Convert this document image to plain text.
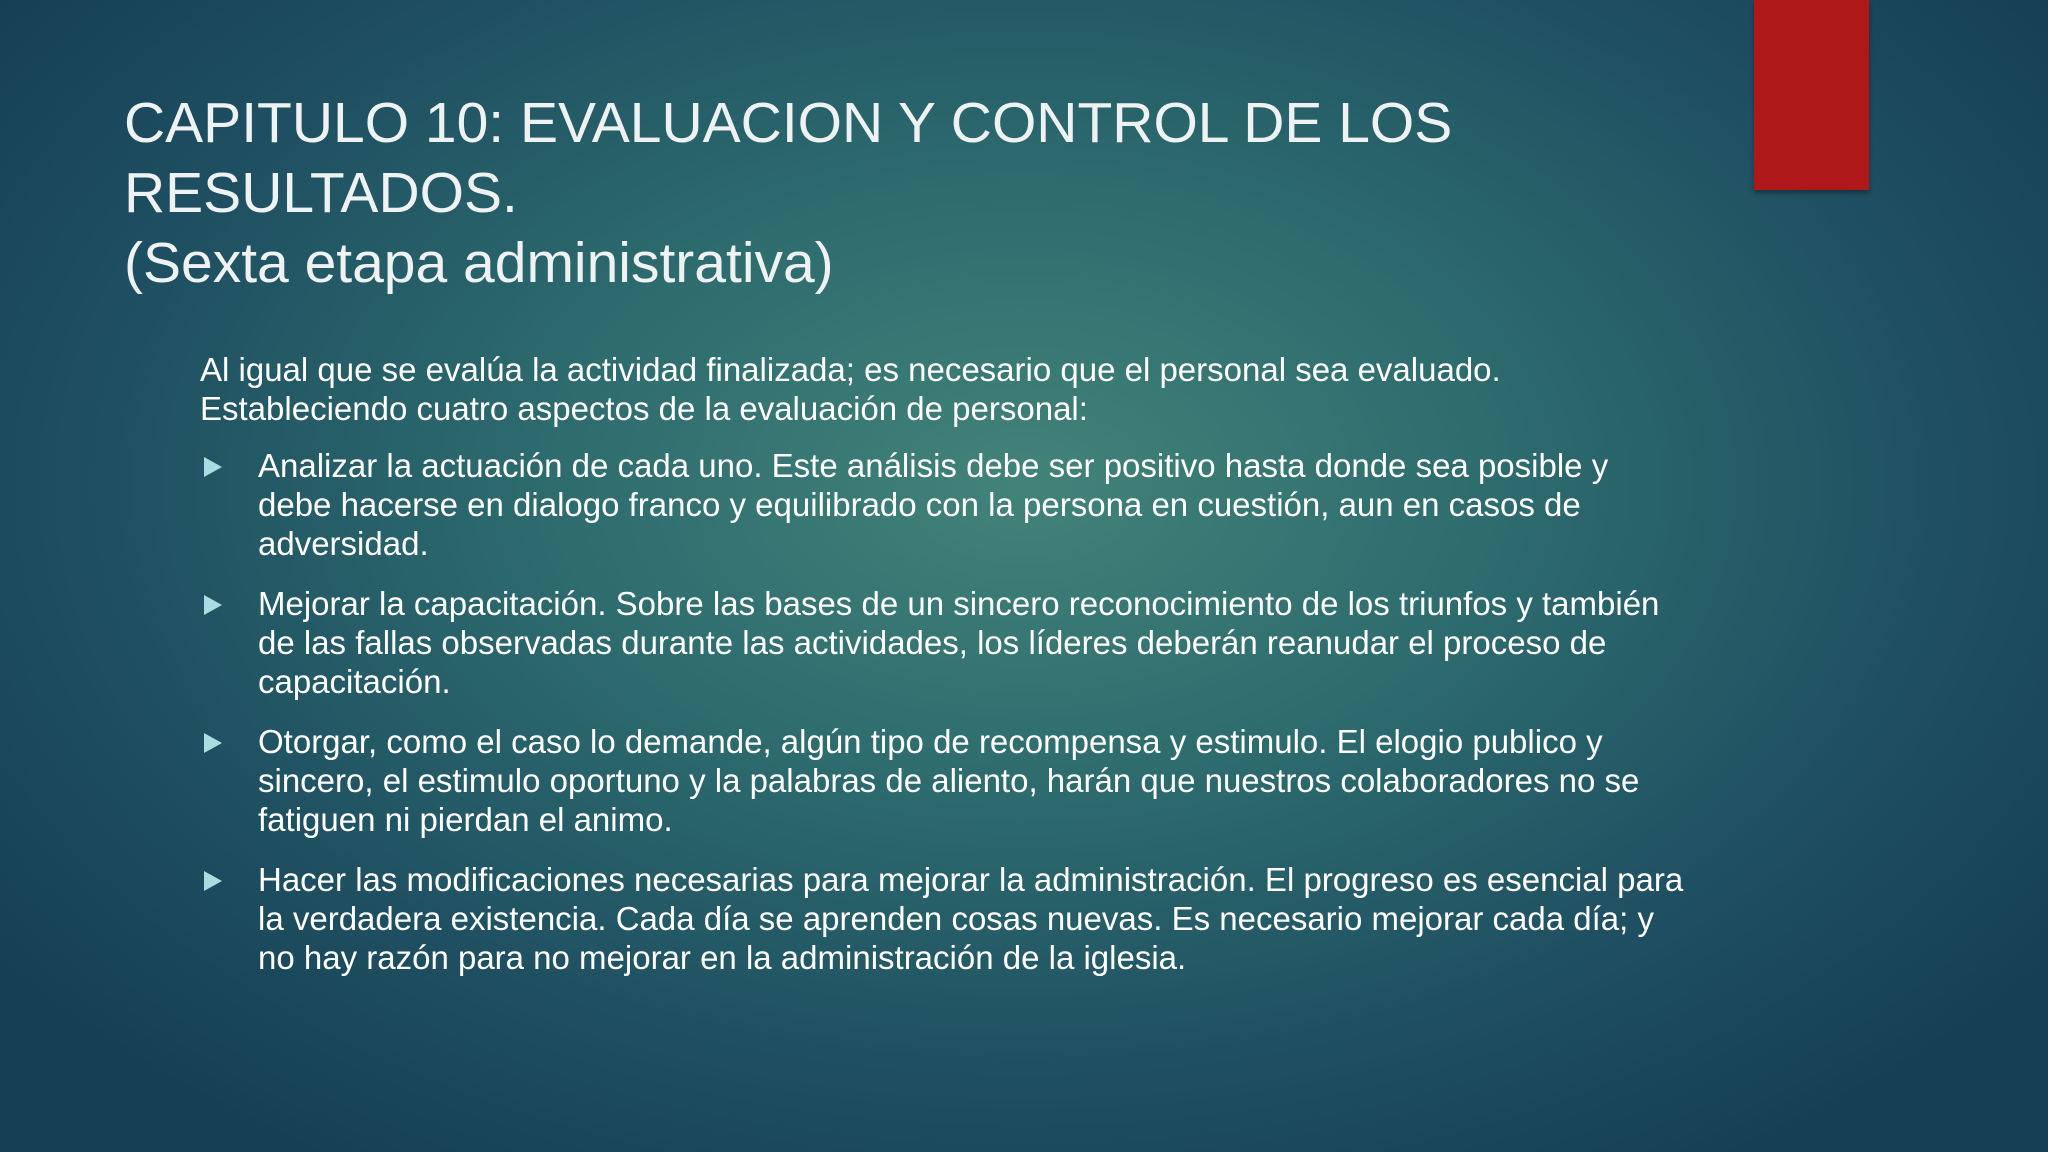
CAPITULO 10: EVALUACION Y CONTROL DE LOS
RESULTADOS.
(Sexta etapa administrativa)

Al igual que se evalúa la actividad finalizada; es necesario que el personal sea evaluado. Estableciendo cuatro aspectos de la evaluación de personal:

Analizar la actuación de cada uno. Este análisis debe ser positivo hasta donde sea posible y debe hacerse en dialogo franco y equilibrado con la persona en cuestión, aun en casos de adversidad.
Mejorar la capacitación. Sobre las bases de un sincero reconocimiento de los triunfos y también de las fallas observadas durante las actividades, los líderes deberán reanudar el proceso de capacitación.
Otorgar, como el caso lo demande, algún tipo de recompensa y estimulo. El elogio publico y sincero, el estimulo oportuno y la palabras de aliento, harán que nuestros colaboradores no se fatiguen ni pierdan el animo.
Hacer las modificaciones necesarias para mejorar la administración. El progreso es esencial para la verdadera existencia. Cada día se aprenden cosas nuevas. Es necesario mejorar cada día; y no hay razón para no mejorar en la administración de la iglesia.
